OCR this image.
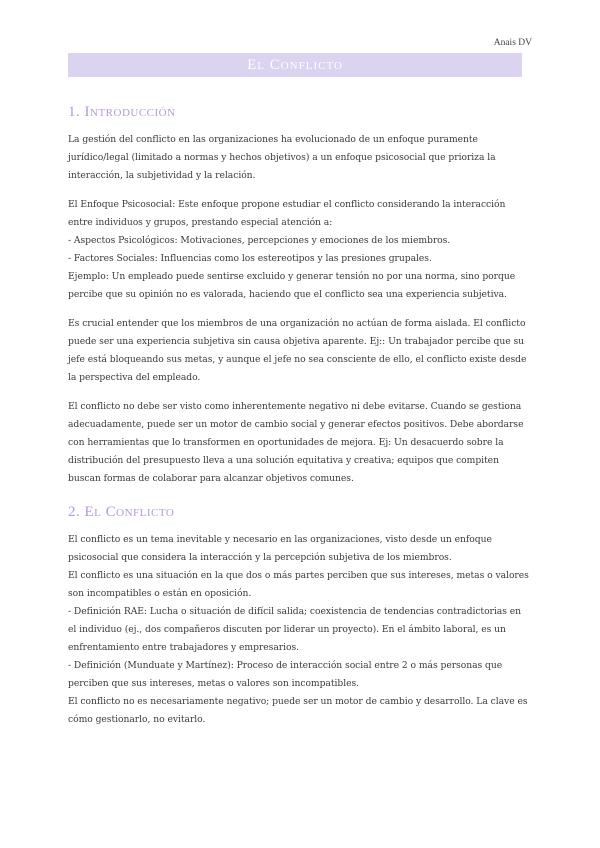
Anais DV
El Conflicto
1. Introducción

La gestión del conflicto en las organizaciones ha evolucionado de un enfoque puramente jurídico/legal (limitado a normas y hechos objetivos) a un enfoque psicosocial que prioriza la interacción, la subjetividad y la relación.

El Enfoque Psicosocial: Este enfoque propone estudiar el conflicto considerando la interacción entre individuos y grupos, prestando especial atención a:

- Aspectos Psicológicos: Motivaciones, percepciones y emociones de los miembros.

- Factores Sociales: Influencias como los estereotipos y las presiones grupales.

Ejemplo: Un empleado puede sentirse excluido y generar tensión no por una norma, sino porque percibe que su opinión no es valorada, haciendo que el conflicto sea una experiencia subjetiva.

Es crucial entender que los miembros de una organización no actúan de forma aislada. El conflicto puede ser una experiencia subjetiva sin causa objetiva aparente. Ej:: Un trabajador percibe que su jefe está bloqueando sus metas, y aunque el jefe no sea consciente de ello, el conflicto existe desde la perspectiva del empleado.

El conflicto no debe ser visto como inherentemente negativo ni debe evitarse. Cuando se gestiona adecuadamente, puede ser un motor de cambio social y generar efectos positivos. Debe abordarse con herramientas que lo transformen en oportunidades de mejora. Ej: Un desacuerdo sobre la distribución del presupuesto lleva a una solución equitativa y creativa; equipos que compiten buscan formas de colaborar para alcanzar objetivos comunes.

2. El Conflicto

El conflicto es un tema inevitable y necesario en las organizaciones, visto desde un enfoque psicosocial que considera la interacción y la percepción subjetiva de los miembros.

El conflicto es una situación en la que dos o más partes perciben que sus intereses, metas o valores son incompatibles o están en oposición.

- Definición RAE: Lucha o situación de difícil salida; coexistencia de tendencias contradictorias en el individuo (ej., dos compañeros discuten por liderar un proyecto). En el ámbito laboral, es un enfrentamiento entre trabajadores y empresarios.

- Definición (Munduate y Martínez): Proceso de interacción social entre 2 o más personas que perciben que sus intereses, metas o valores son incompatibles.

El conflicto no es necesariamente negativo; puede ser un motor de cambio y desarrollo. La clave es cómo gestionarlo, no evitarlo.
